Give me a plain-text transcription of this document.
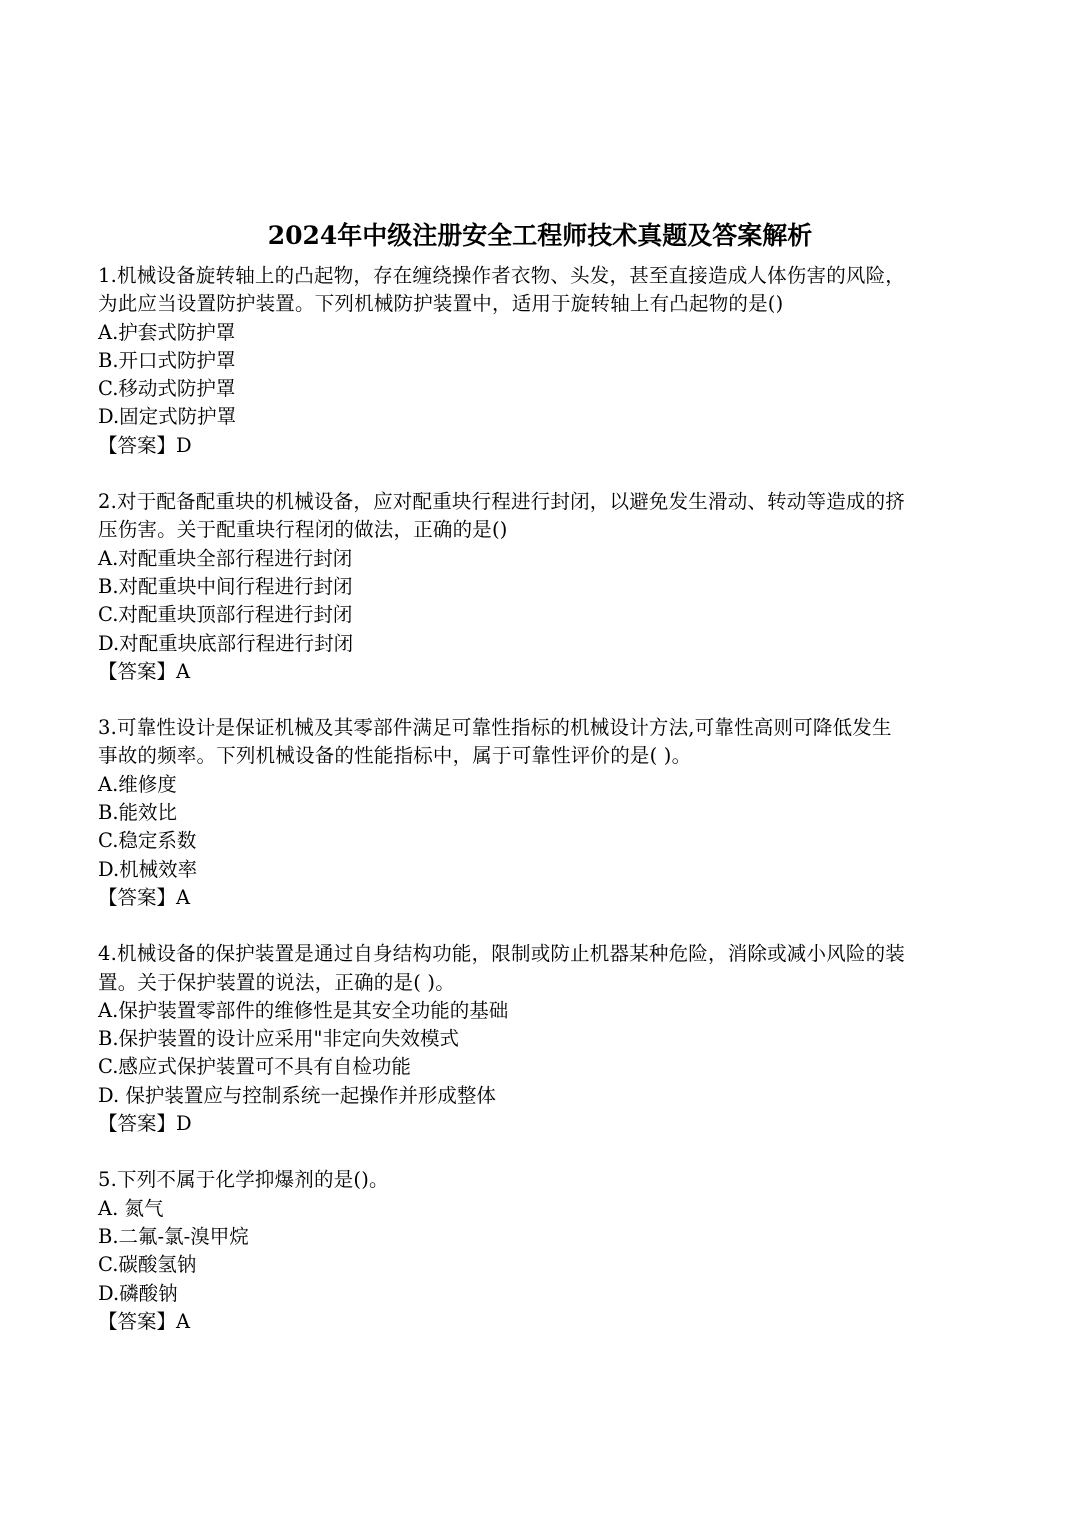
2024年中级注册安全工程师技术真题及答案解析
1.机械设备旋转轴上的凸起物，存在缠绕操作者衣物、头发，甚至直接造成人体伤害的风险，
为此应当设置防护装置。下列机械防护装置中，适用于旋转轴上有凸起物的是()
A.护套式防护罩
B.开口式防护罩
C.移动式防护罩
D.固定式防护罩
【答案】D
2.对于配备配重块的机械设备，应对配重块行程进行封闭，以避免发生滑动、转动等造成的挤
压伤害。关于配重块行程闭的做法，正确的是()
A.对配重块全部行程进行封闭
B.对配重块中间行程进行封闭
C.对配重块顶部行程进行封闭
D.对配重块底部行程进行封闭
【答案】A
3.可靠性设计是保证机械及其零部件满足可靠性指标的机械设计方法,可靠性高则可降低发生
事故的频率。下列机械设备的性能指标中，属于可靠性评价的是( )。
A.维修度
B.能效比
C.稳定系数
D.机械效率
【答案】A
4.机械设备的保护装置是通过自身结构功能，限制或防止机器某种危险，消除或减小风险的装
置。关于保护装置的说法，正确的是( )。
A.保护装置零部件的维修性是其安全功能的基础
B.保护装置的设计应采用"非定向失效模式
C.感应式保护装置可不具有自检功能
D. 保护装置应与控制系统一起操作并形成整体
【答案】D
5.下列不属于化学抑爆剂的是()。
A. 氮气
B.二氟-氯-溴甲烷
C.碳酸氢钠
D.磷酸钠
【答案】A
